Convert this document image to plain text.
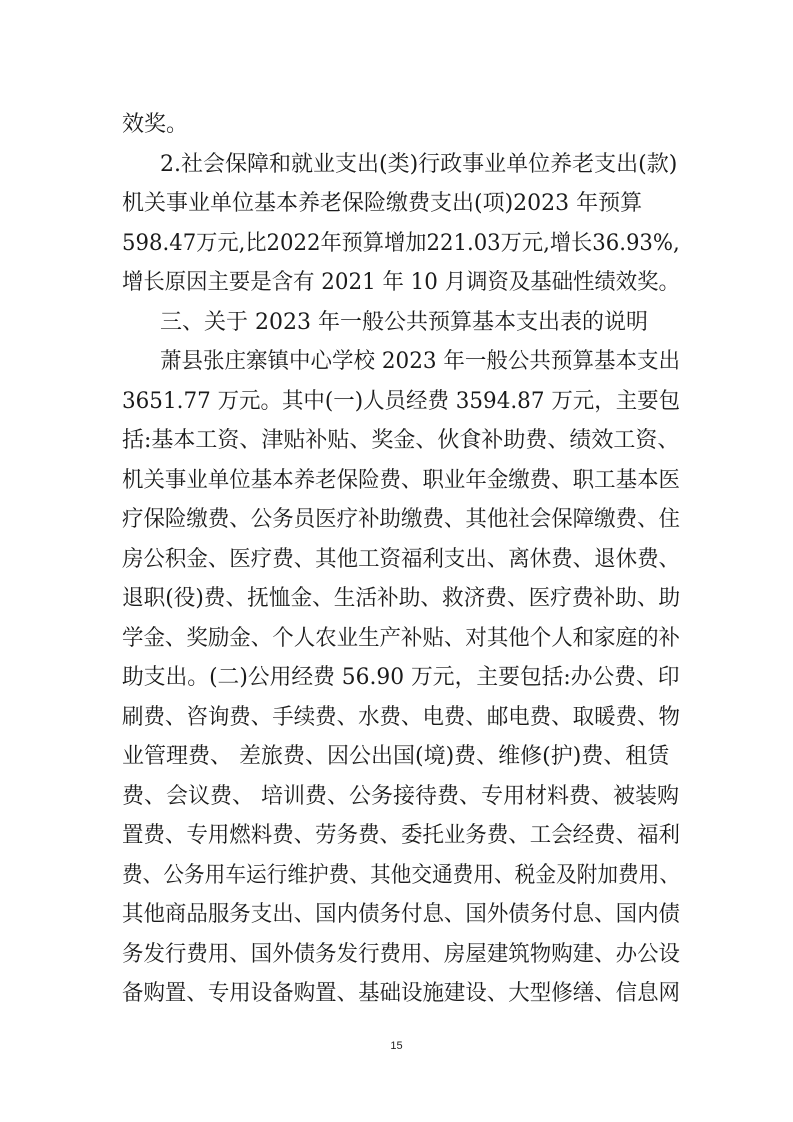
效奖。
2.社会保障和就业支出(类)行政事业单位养老支出(款)
机关事业单位基本养老保险缴费支出(项)2023 年预算
598.47万元,比2022年预算增加221.03万元,增长36.93%,
增长原因主要是含有 2021 年 10 月调资及基础性绩效奖。
三、关于 2023 年一般公共预算基本支出表的说明
萧县张庄寨镇中心学校 2023 年一般公共预算基本支出
3651.77 万元。其中(一)人员经费 3594.87 万元，主要包
括:基本工资、津贴补贴、奖金、伙食补助费、绩效工资、
机关事业单位基本养老保险费、职业年金缴费、职工基本医
疗保险缴费、公务员医疗补助缴费、其他社会保障缴费、住
房公积金、医疗费、其他工资福利支出、离休费、退休费、
退职(役)费、抚恤金、生活补助、救济费、医疗费补助、助
学金、奖励金、个人农业生产补贴、对其他个人和家庭的补
助支出。(二)公用经费 56.90 万元，主要包括:办公费、印
刷费、咨询费、手续费、水费、电费、邮电费、取暖费、物
业管理费、 差旅费、因公出国(境)费、维修(护)费、租赁
费、会议费、 培训费、公务接待费、专用材料费、被装购
置费、专用燃料费、劳务费、委托业务费、工会经费、福利
费、公务用车运行维护费、其他交通费用、税金及附加费用、
其他商品服务支出、国内债务付息、国外债务付息、国内债
务发行费用、国外债务发行费用、房屋建筑物购建、办公设
备购置、专用设备购置、基础设施建设、大型修缮、信息网
15
